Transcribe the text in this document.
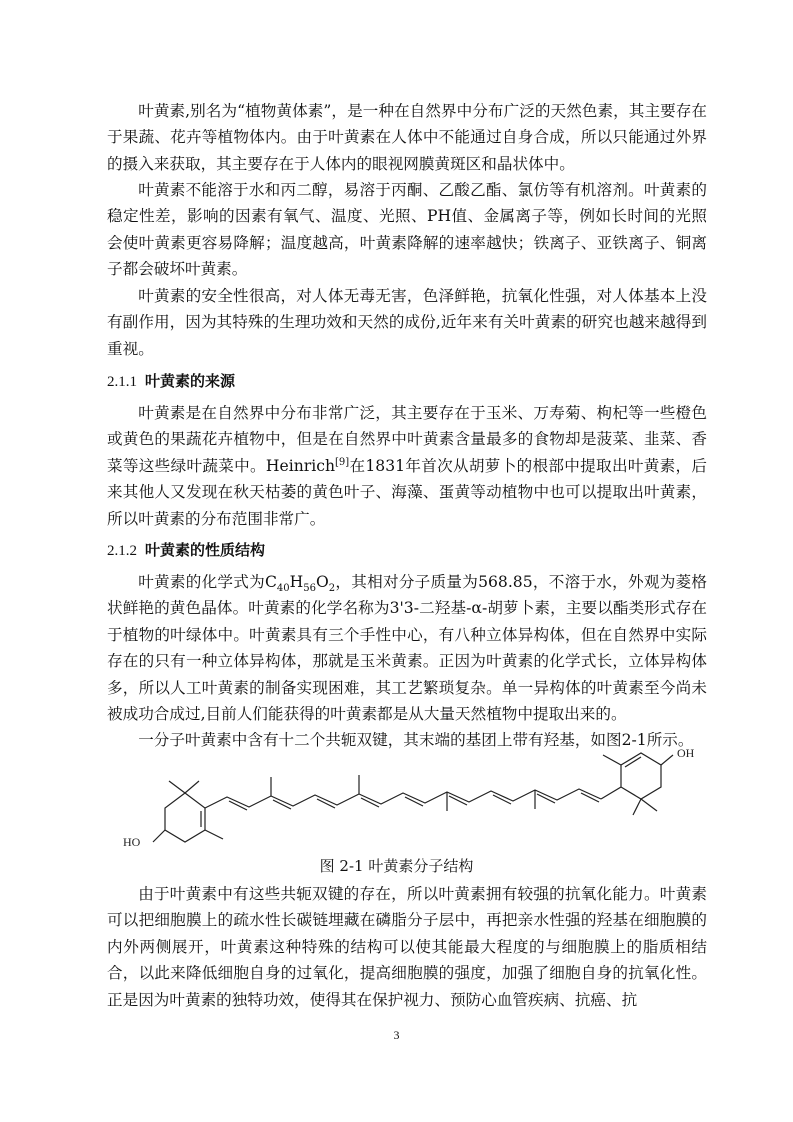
叶黄素,别名为“植物黄体素”，是一种在自然界中分布广泛的天然色素，其主要存在于果蔬、花卉等植物体内。由于叶黄素在人体中不能通过自身合成，所以只能通过外界的摄入来获取，其主要存在于人体内的眼视网膜黄斑区和晶状体中。

叶黄素不能溶于水和丙二醇，易溶于丙酮、乙酸乙酯、氯仿等有机溶剂。叶黄素的稳定性差，影响的因素有氧气、温度、光照、PH值、金属离子等，例如长时间的光照会使叶黄素更容易降解；温度越高，叶黄素降解的速率越快；铁离子、亚铁离子、铜离子都会破坏叶黄素。

叶黄素的安全性很高，对人体无毒无害，色泽鲜艳，抗氧化性强，对人体基本上没有副作用，因为其特殊的生理功效和天然的成份,近年来有关叶黄素的研究也越来越得到重视。

2.1.1 叶黄素的来源

叶黄素是在自然界中分布非常广泛，其主要存在于玉米、万寿菊、枸杞等一些橙色或黄色的果蔬花卉植物中，但是在自然界中叶黄素含量最多的食物却是菠菜、韭菜、香菜等这些绿叶蔬菜中。Heinrich[9]在1831年首次从胡萝卜的根部中提取出叶黄素，后来其他人又发现在秋天枯萎的黄色叶子、海藻、蛋黄等动植物中也可以提取出叶黄素，所以叶黄素的分布范围非常广。

2.1.2 叶黄素的性质结构

叶黄素的化学式为$C_{40}H_{56}O_2$，其相对分子质量为568.85，不溶于水，外观为菱格状鲜艳的黄色晶体。叶黄素的化学名称为3'3-二羟基-α-胡萝卜素，主要以酯类形式存在于植物的叶绿体中。叶黄素具有三个手性中心，有八种立体异构体，但在自然界中实际存在的只有一种立体异构体，那就是玉米黄素。正因为叶黄素的化学式长，立体异构体多，所以人工叶黄素的制备实现困难，其工艺繁琐复杂。单一异构体的叶黄素至今尚未被成功合成过,目前人们能获得的叶黄素都是从大量天然植物中提取出来的。

一分子叶黄素中含有十二个共轭双键，其末端的基团上带有羟基，如图2-1所示。

HO
OH

图 2-1 叶黄素分子结构

由于叶黄素中有这些共轭双键的存在，所以叶黄素拥有较强的抗氧化能力。叶黄素可以把细胞膜上的疏水性长碳链埋藏在磷脂分子层中，再把亲水性强的羟基在细胞膜的内外两侧展开，叶黄素这种特殊的结构可以使其能最大程度的与细胞膜上的脂质相结合，以此来降低细胞自身的过氧化，提高细胞膜的强度，加强了细胞自身的抗氧化性。正是因为叶黄素的独特功效，使得其在保护视力、预防心血管疾病、抗癌、抗

3
